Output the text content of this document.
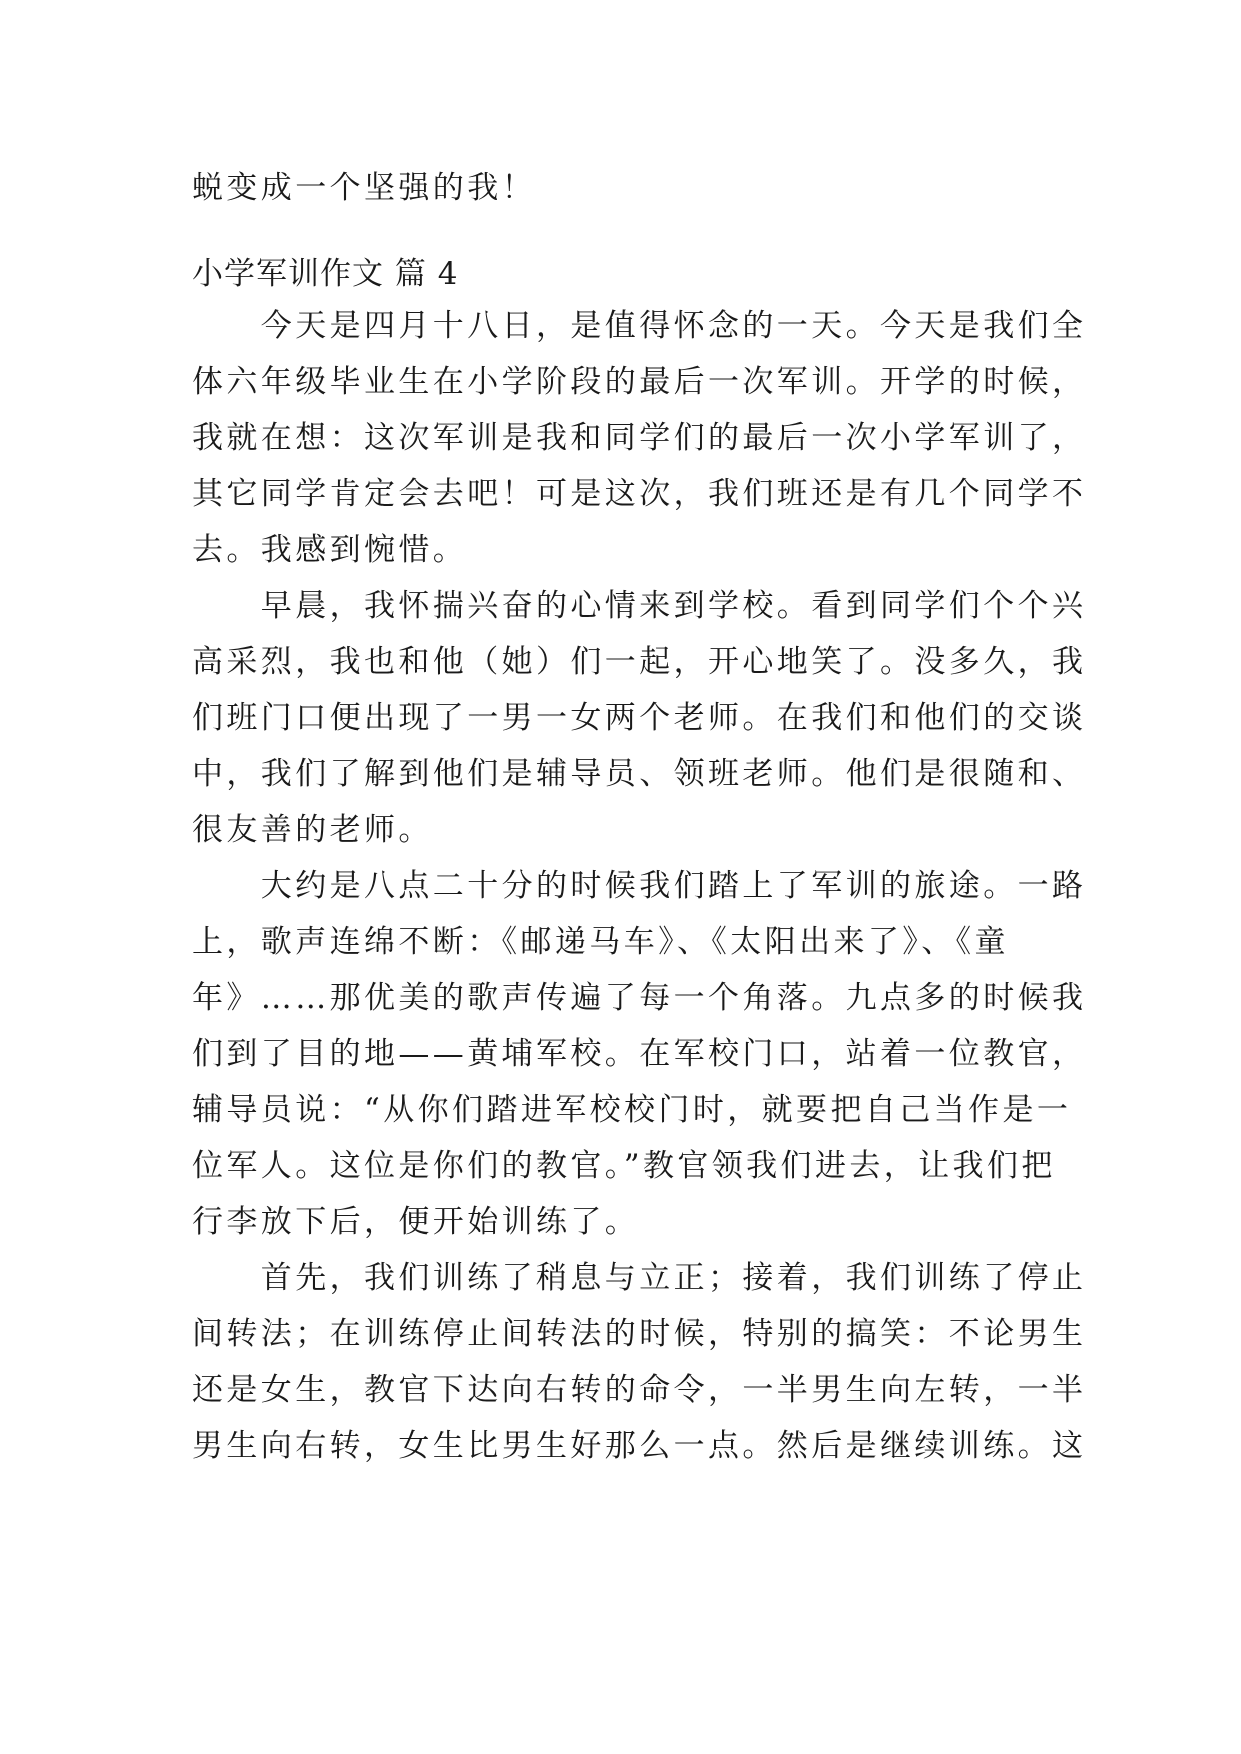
蜕变成一个坚强的我！
小学军训作文 篇 4
　　今天是四月十八日，是值得怀念的一天。今天是我们全
体六年级毕业生在小学阶段的最后一次军训。开学的时候，
我就在想：这次军训是我和同学们的最后一次小学军训了，
其它同学肯定会去吧！可是这次，我们班还是有几个同学不
去。我感到惋惜。
　　早晨，我怀揣兴奋的心情来到学校。看到同学们个个兴
高采烈，我也和他（她）们一起，开心地笑了。没多久，我
们班门口便出现了一男一女两个老师。在我们和他们的交谈
中，我们了解到他们是辅导员、领班老师。他们是很随和、
很友善的老师。
　　大约是八点二十分的时候我们踏上了军训的旅途。一路
上，歌声连绵不断：《邮递马车》、《太阳出来了》、《童
年》……那优美的歌声传遍了每一个角落。九点多的时候我
们到了目的地——黄埔军校。在军校门口，站着一位教官，
辅导员说：“从你们踏进军校校门时，就要把自己当作是一
位军人。这位是你们的教官。”教官领我们进去，让我们把
行李放下后，便开始训练了。
　　首先，我们训练了稍息与立正；接着，我们训练了停止
间转法；在训练停止间转法的时候，特别的搞笑：不论男生
还是女生，教官下达向右转的命令，一半男生向左转，一半
男生向右转，女生比男生好那么一点。然后是继续训练。这
